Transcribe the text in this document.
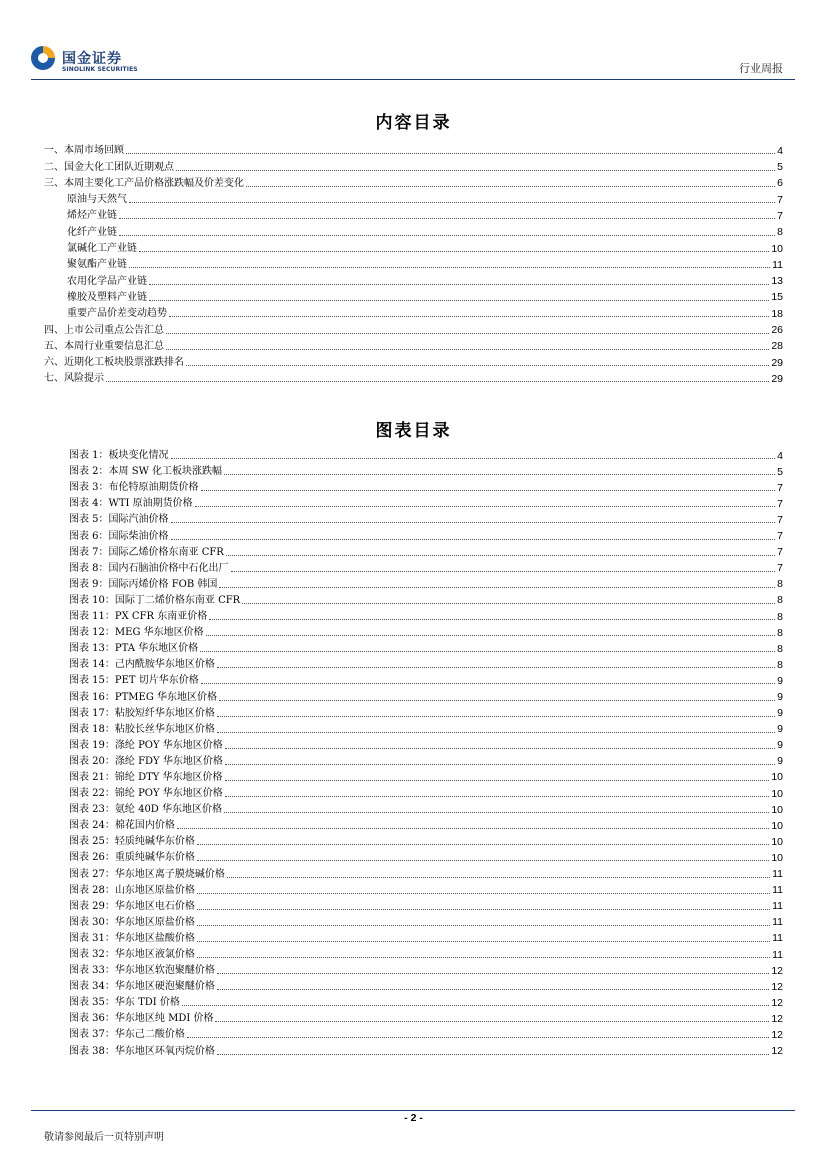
国金证券
SINOLINK SECURITIES	行业周报
内容目录
一、本周市场回顾	4
二、国金大化工团队近期观点	5
三、本周主要化工产品价格涨跌幅及价差变化	6
原油与天然气	7
烯烃产业链	7
化纤产业链	8
氯碱化工产业链	10
聚氨酯产业链	11
农用化学品产业链	13
橡胶及塑料产业链	15
重要产品价差变动趋势	18
四、上市公司重点公告汇总	26
五、本周行业重要信息汇总	28
六、近期化工板块股票涨跌排名	29
七、风险提示	29
图表目录
图表 1：板块变化情况	4
图表 2：本周 SW 化工板块涨跌幅	5
图表 3：布伦特原油期货价格	7
图表 4：WTI 原油期货价格	7
图表 5：国际汽油价格	7
图表 6：国际柴油价格	7
图表 7：国际乙烯价格东南亚 CFR	7
图表 8：国内石脑油价格中石化出厂	7
图表 9：国际丙烯价格 FOB 韩国	8
图表 10：国际丁二烯价格东南亚 CFR	8
图表 11：PX CFR 东南亚价格	8
图表 12：MEG 华东地区价格	8
图表 13：PTA 华东地区价格	8
图表 14：己内酰胺华东地区价格	8
图表 15：PET 切片华东价格	9
图表 16：PTMEG 华东地区价格	9
图表 17：粘胶短纤华东地区价格	9
图表 18：粘胶长丝华东地区价格	9
图表 19：涤纶 POY 华东地区价格	9
图表 20：涤纶 FDY 华东地区价格	9
图表 21：锦纶 DTY 华东地区价格	10
图表 22：锦纶 POY 华东地区价格	10
图表 23：氨纶 40D 华东地区价格	10
图表 24：棉花国内价格	10
图表 25：轻质纯碱华东价格	10
图表 26：重质纯碱华东价格	10
图表 27：华东地区离子膜烧碱价格	11
图表 28：山东地区原盐价格	11
图表 29：华东地区电石价格	11
图表 30：华东地区原盐价格	11
图表 31：华东地区盐酸价格	11
图表 32：华东地区液氯价格	11
图表 33：华东地区软泡聚醚价格	12
图表 34：华东地区硬泡聚醚价格	12
图表 35：华东 TDI 价格	12
图表 36：华东地区纯 MDI 价格	12
图表 37：华东己二酸价格	12
图表 38：华东地区环氧丙烷价格	12
- 2 -
敬请参阅最后一页特别声明
